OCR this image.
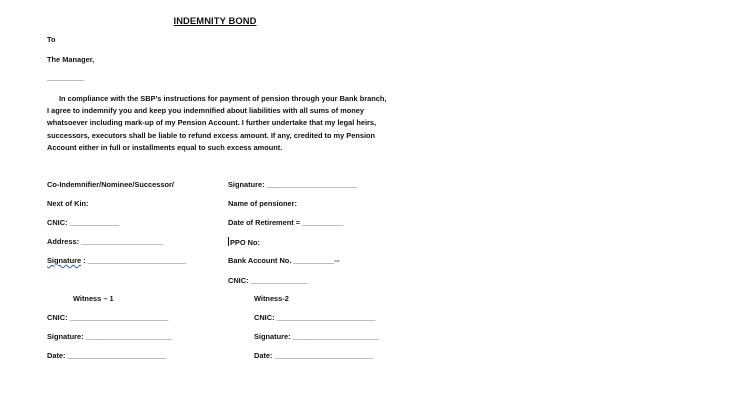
INDEMNITY BOND
To
The Manager,
_________
In compliance with the SBP’s instructions for payment of pension through your Bank branch,
I agree to indemnify you and keep you indemnified about liabilities with all sums of money
whatsoever including mark-up of my Pension Account. I further undertake that my legal heirs,
successors, executors shall be liable to refund excess amount. If any, credited to my Pension
Account either in full or installments equal to such excess amount.
Co-Indemnifier/Nominee/Successor/
Next of Kin:
CNIC: ____________
Address: ____________________
Signature : ________________________
Signature: ______________________
Name of pensioner:
Date of Retirement = __________
PPO No:
Bank Account No. __________--
CNIC: ______________
Witness – 1
CNIC: ________________________
Signature: _____________________
Date: ________________________
Witness-2
CNIC: ________________________
Signature: _____________________
Date: ________________________
